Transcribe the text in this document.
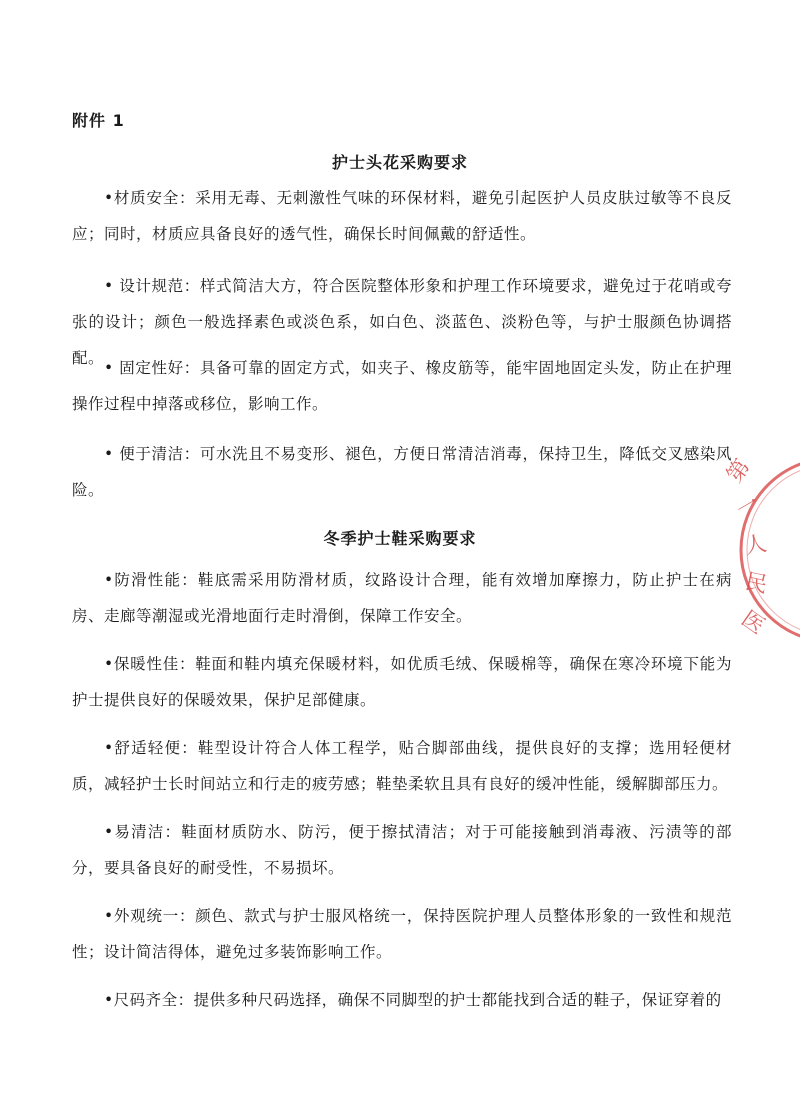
附件 1
护士头花采购要求
•材质安全：采用无毒、无刺激性气味的环保材料，避免引起医护人员皮肤过敏等不良反应；同时，材质应具备良好的透气性，确保长时间佩戴的舒适性。
• 设计规范：样式简洁大方，符合医院整体形象和护理工作环境要求，避免过于花哨或夸张的设计；颜色一般选择素色或淡色系，如白色、淡蓝色、淡粉色等，与护士服颜色协调搭配。
• 固定性好：具备可靠的固定方式，如夹子、橡皮筋等，能牢固地固定头发，防止在护理操作过程中掉落或移位，影响工作。
• 便于清洁：可水洗且不易变形、褪色，方便日常清洁消毒，保持卫生，降低交叉感染风险。
冬季护士鞋采购要求
•防滑性能：鞋底需采用防滑材质，纹路设计合理，能有效增加摩擦力，防止护士在病房、走廊等潮湿或光滑地面行走时滑倒，保障工作安全。
•保暖性佳：鞋面和鞋内填充保暖材料，如优质毛绒、保暖棉等，确保在寒冷环境下能为护士提供良好的保暖效果，保护足部健康。
•舒适轻便：鞋型设计符合人体工程学，贴合脚部曲线，提供良好的支撑；选用轻便材质，减轻护士长时间站立和行走的疲劳感；鞋垫柔软且具有良好的缓冲性能，缓解脚部压力。
•易清洁：鞋面材质防水、防污，便于擦拭清洁；对于可能接触到消毒液、污渍等的部分，要具备良好的耐受性，不易损坏。
•外观统一：颜色、款式与护士服风格统一，保持医院护理人员整体形象的一致性和规范性；设计简洁得体，避免过多装饰影响工作。
•尺码齐全：提供多种尺码选择，确保不同脚型的护士都能找到合适的鞋子，保证穿着的
第
一
人
民
医
